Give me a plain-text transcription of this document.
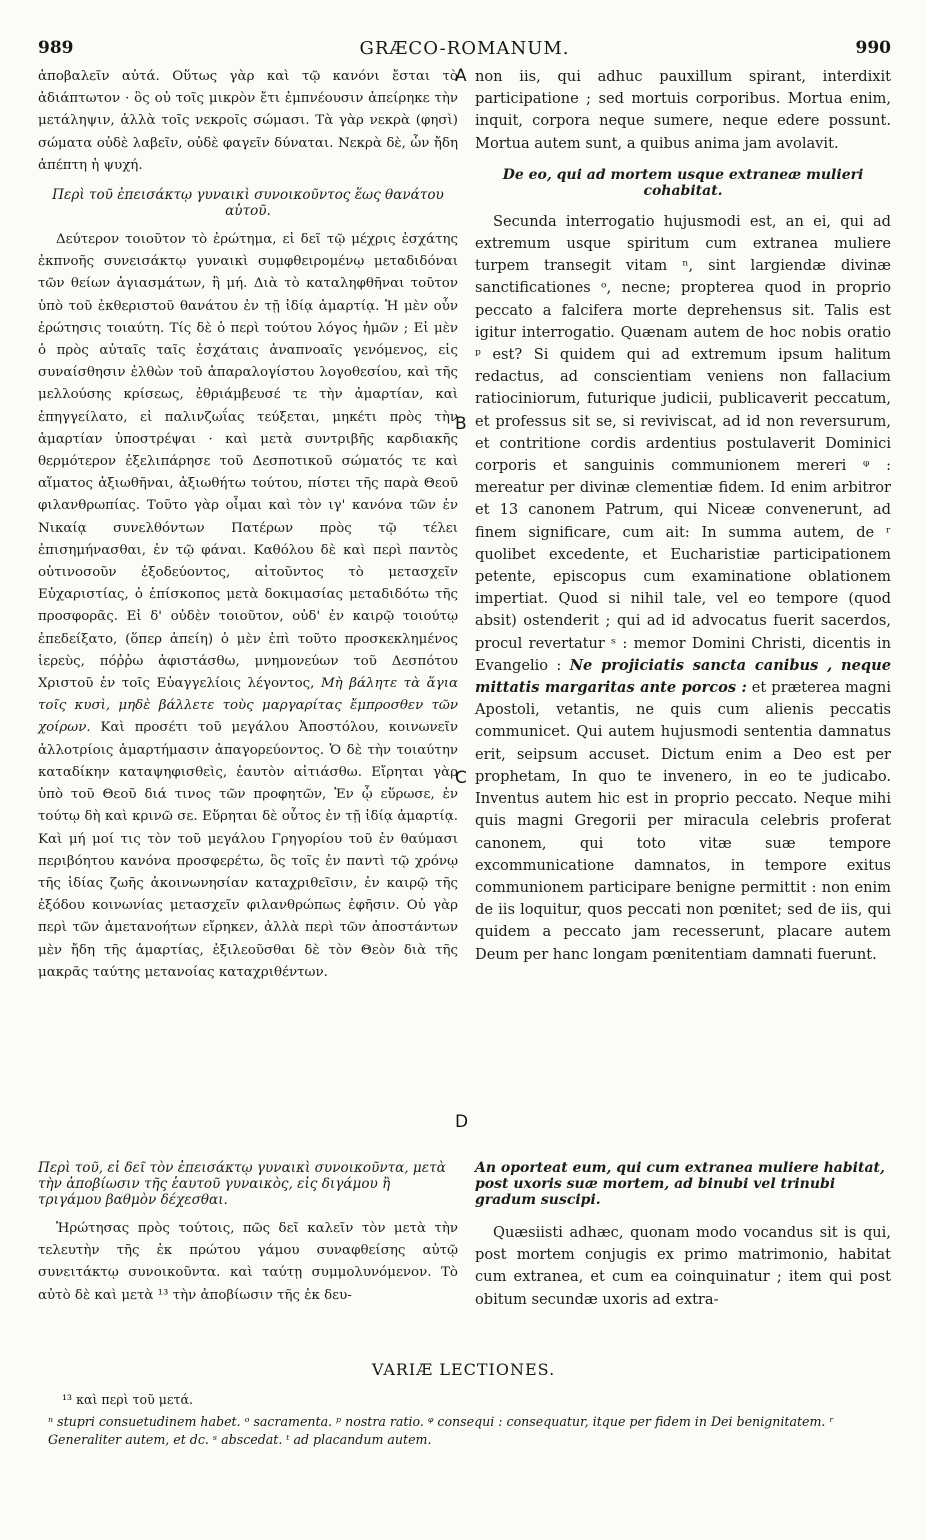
989	GRÆCO-ROMANUM.	990
A
B
C
D

ἀποβαλεῖν αὐτά. Οὕτως γὰρ καὶ τῷ κανόνι ἔσται τὸ ἀδιάπτωτον · ὃς οὐ τοῖς μικρὸν ἔτι ἐμπνέουσιν ἀπείρηκε τὴν μετάληψιν, ἀλλὰ τοῖς νεκροῖς σώμασι. Τὰ γὰρ νεκρὰ (φησὶ) σώματα οὐδὲ λαβεῖν, οὐδὲ φαγεῖν δύναται. Νεκρὰ δὲ, ὧν ἤδη ἀπέπτη ἡ ψυχή.

Περὶ τοῦ ἐπεισάκτῳ γυναικὶ συνοικοῦντος ἕως θανάτου αὐτοῦ.

Δεύτερον τοιοῦτον τὸ ἐρώτημα, εἰ δεῖ τῷ μέχρις ἐσχάτης ἐκπνοῆς συνεισάκτῳ γυναικὶ συμφθειρομένῳ μεταδιδόναι τῶν θείων ἁγιασμάτων, ἢ μή. Διὰ τὸ καταληφθῆναι τοῦτον ὑπὸ τοῦ ἐκθεριστοῦ θανάτου ἐν τῇ ἰδίᾳ ἁμαρτίᾳ. Ἡ μὲν οὖν ἐρώτησις τοιαύτη. Τίς δὲ ὁ περὶ τούτου λόγος ἡμῶν ; Εἰ μὲν ὁ πρὸς αὐταῖς ταῖς ἐσχάταις ἀναπνοαῖς γενόμενος, εἰς συναίσθησιν ἐλθὼν τοῦ ἀπαραλογίστου λογοθεσίου, καὶ τῆς μελλούσης κρίσεως, ἐθριάμβευσέ τε τὴν ἁμαρτίαν, καὶ ἐπηγγείλατο, εἰ παλινζωΐας τεύξεται, μηκέτι πρὸς τὴν ἁμαρτίαν ὑποστρέψαι · καὶ μετὰ συντριβῆς καρδιακῆς θερμότερον ἐξελιπάρησε τοῦ Δεσποτικοῦ σώματός τε καὶ αἵματος ἀξιωθῆναι, ἀξιωθήτω τούτου, πίστει τῆς παρὰ Θεοῦ φιλανθρωπίας. Τοῦτο γὰρ οἶμαι καὶ τὸν ιγ' κανόνα τῶν ἐν Νικαίᾳ συνελθόντων Πατέρων πρὸς τῷ τέλει ἐπισημήνασθαι, ἐν τῷ φάναι. Καθόλου δὲ καὶ περὶ παντὸς οὑτινοσοῦν ἐξοδεύοντος, αἰτοῦντος τὸ μετασχεῖν Εὐχαριστίας, ὁ ἐπίσκοπος μετὰ δοκιμασίας μεταδιδότω τῆς προσφορᾶς. Εἰ δ' οὐδὲν τοιοῦτον, οὐδ' ἐν καιρῷ τοιούτῳ ἐπεδείξατο, (ὅπερ ἀπείη) ὁ μὲν ἐπὶ τοῦτο προσκεκλημένος ἱερεὺς, πόῤῥω ἀφιστάσθω, μνημονεύων τοῦ Δεσπότου Χριστοῦ ἐν τοῖς Εὐαγγελίοις λέγοντος, Μὴ βάλητε τὰ ἅγια τοῖς κυσὶ, μηδὲ βάλλετε τοὺς μαργαρίτας ἔμπροσθεν τῶν χοίρων. Καὶ προσέτι τοῦ μεγάλου Ἀποστόλου, κοινωνεῖν ἀλλοτρίοις ἁμαρτήμασιν ἀπαγορεύοντος. Ὁ δὲ τὴν τοιαύτην καταδίκην καταψηφισθεὶς, ἑαυτὸν αἰτιάσθω. Εἴρηται γὰρ ὑπὸ τοῦ Θεοῦ διά τινος τῶν προφητῶν, Ἐν ᾧ εὕρωσε, ἐν τούτῳ δὴ καὶ κρινῶ σε. Εὕρηται δὲ οὗτος ἐν τῇ ἰδίᾳ ἁμαρτίᾳ. Καὶ μή μοί τις τὸν τοῦ μεγάλου Γρηγορίου τοῦ ἐν θαύμασι περιβόητου κανόνα προσφερέτω, ὃς τοῖς ἐν παντὶ τῷ χρόνῳ τῆς ἰδίας ζωῆς ἀκοινωνησίαν καταχριθεῖσιν, ἐν καιρῷ τῆς ἐξόδου κοινωνίας μετασχεῖν φιλανθρώπως ἐφῆσιν. Οὐ γὰρ περὶ τῶν ἀμετανοήτων εἴρηκεν, ἀλλὰ περὶ τῶν ἀποστάντων μὲν ἤδη τῆς ἁμαρτίας, ἐξιλεοῦσθαι δὲ τὸν Θεὸν διὰ τῆς μακρᾶς ταύτης μετανοίας καταχριθέντων.

Περὶ τοῦ, εἰ δεῖ τὸν ἐπεισάκτῳ γυναικὶ συνοικοῦντα, μετὰ τὴν ἀποβίωσιν τῆς ἑαυτοῦ γυναικὸς, εἰς διγάμου ἢ τριγάμου βαθμὸν δέχεσθαι.

Ἠρώτησας πρὸς τούτοις, πῶς δεῖ καλεῖν τὸν μετὰ τὴν τελευτὴν τῆς ἐκ πρώτου γάμου συναφθείσης αὐτῷ συνειτάκτῳ συνοικοῦντα. καὶ ταύτῃ συμμολυνόμενον. Τὸ αὐτὸ δὲ καὶ μετὰ ¹³ τὴν ἀποβίωσιν τῆς ἐκ δευ-

non iis, qui adhuc pauxillum spirant, interdixit participatione ; sed mortuis corporibus. Mortua enim, inquit, corpora neque sumere, neque edere possunt. Mortua autem sunt, a quibus anima jam avolavit.

De eo, qui ad mortem usque extraneæ mulieri cohabitat.

Secunda interrogatio hujusmodi est, an ei, qui ad extremum usque spiritum cum extranea muliere turpem transegit vitam ⁿ, sint largiendæ divinæ sanctificationes ᵒ, necne; propterea quod in proprio peccato a falcifera morte deprehensus sit. Talis est igitur interrogatio. Quænam autem de hoc nobis oratio ᵖ est? Si quidem qui ad extremum ipsum halitum redactus, ad conscientiam veniens non fallacium ratiociniorum, futurique judicii, publicaverit peccatum, et professus sit se, si reviviscat, ad id non reversurum, et contritione cordis ardentius postulaverit Dominici corporis et sanguinis communionem mereri ᵠ : mereatur per divinæ clementiæ fidem. Id enim arbitror et 13 canonem Patrum, qui Niceæ convenerunt, ad finem significare, cum ait: In summa autem, de ʳ quolibet excedente, et Eucharistiæ participationem petente, episcopus cum examinatione oblationem impertiat. Quod si nihil tale, vel eo tempore (quod absit) ostenderit ; qui ad id advocatus fuerit sacerdos, procul revertatur ˢ : memor Domini Christi, dicentis in Evangelio : Ne projiciatis sancta canibus , neque mittatis margaritas ante porcos : et præterea magni Apostoli, vetantis, ne quis cum alienis peccatis communicet. Qui autem hujusmodi sententia damnatus erit, seipsum accuset. Dictum enim a Deo est per prophetam, In quo te invenero, in eo te judicabo. Inventus autem hic est in proprio peccato. Neque mihi quis magni Gregorii per miracula celebris proferat canonem, qui toto vitæ suæ tempore excommunicatione damnatos, in tempore exitus communionem participare benigne permittit : non enim de iis loquitur, quos peccati non pœnitet; sed de iis, qui quidem a peccato jam recesserunt, placare autem Deum per hanc longam pœnitentiam damnati fuerunt.

An oporteat eum, qui cum extranea muliere habitat, post uxoris suæ mortem, ad binubi vel trinubi gradum suscipi.

Quæsiisti adhæc, quonam modo vocandus sit is qui, post mortem conjugis ex primo matrimonio, habitat cum extranea, et cum ea coinquinatur ; item qui post obitum secundæ uxoris ad extra-

VARIÆ LECTIONES.
¹³ καὶ περὶ τοῦ μετά.
ⁿ stupri consuetudinem habet. ᵒ sacramenta. ᵖ nostra ratio. ᵠ consequi : consequatur, itque per fidem in Dei benignitatem. ʳ Generaliter autem, et dc. ˢ abscedat. ᵗ ad placandum autem.
